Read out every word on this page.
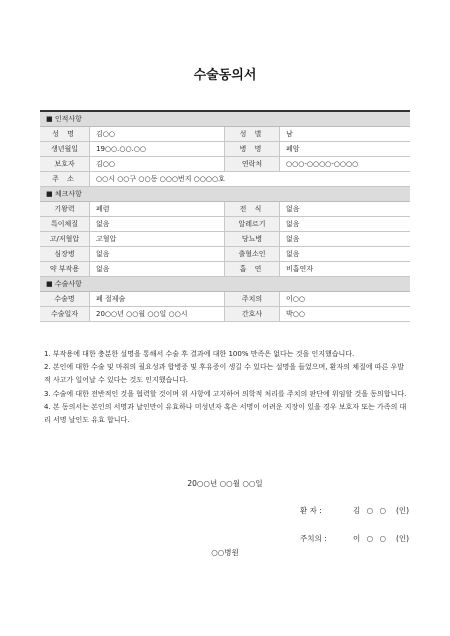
수술동의서
■ 인적사항
성 명	김○○	성 별	남
생년월일	19○○.○○.○○	병 명	폐암
보호자	김○○	연락처	○○○-○○○○-○○○○
주 소	○○시 ○○구 ○○동 ○○○번지 ○○○○호
■ 체크사항
기왕력	폐렴	전 식	없음
특이체질	없음	알레르기	없음
고/저혈압	고혈압	당뇨병	없음
심장병	없음	출혈소인	없음
약 부작용	없음	흡 연	비흡연자
■ 수술사항
수술명	폐 절제술	주치의	이○○
수술일자	20○○년 ○○월 ○○일 ○○시	간호사	박○○

1. 부작용에 대한 충분한 설명을 통해서 수술 후 결과에 대한 100% 만족은 없다는 것을 인지했습니다.

2. 본인에 대한 수술 및 마취의 필요성과 합병증 및 후유증이 생길 수 있다는 설명을 들었으며, 환자의 체질에 따른 우발적 사고가 일어날 수 있다는 것도 인지했습니다.

3. 수술에 대한 전반적인 것을 협력할 것이며 위 사항에 고지하여 의학적 처리를 주치의 판단에 위임할 것을 동의합니다.

4. 본 동의서는 본인의 서명과 날인만이 유효하나 미성년자 혹은 서명이 어려운 지장이 있을 경우 보호자 또는 가족의 대리 서명 날인도 유효 합니다.

20○○년 ○○월 ○○일
환 자 :	김 ○ ○ (인)
주치의 :	이 ○ ○ (인)
○○병원
